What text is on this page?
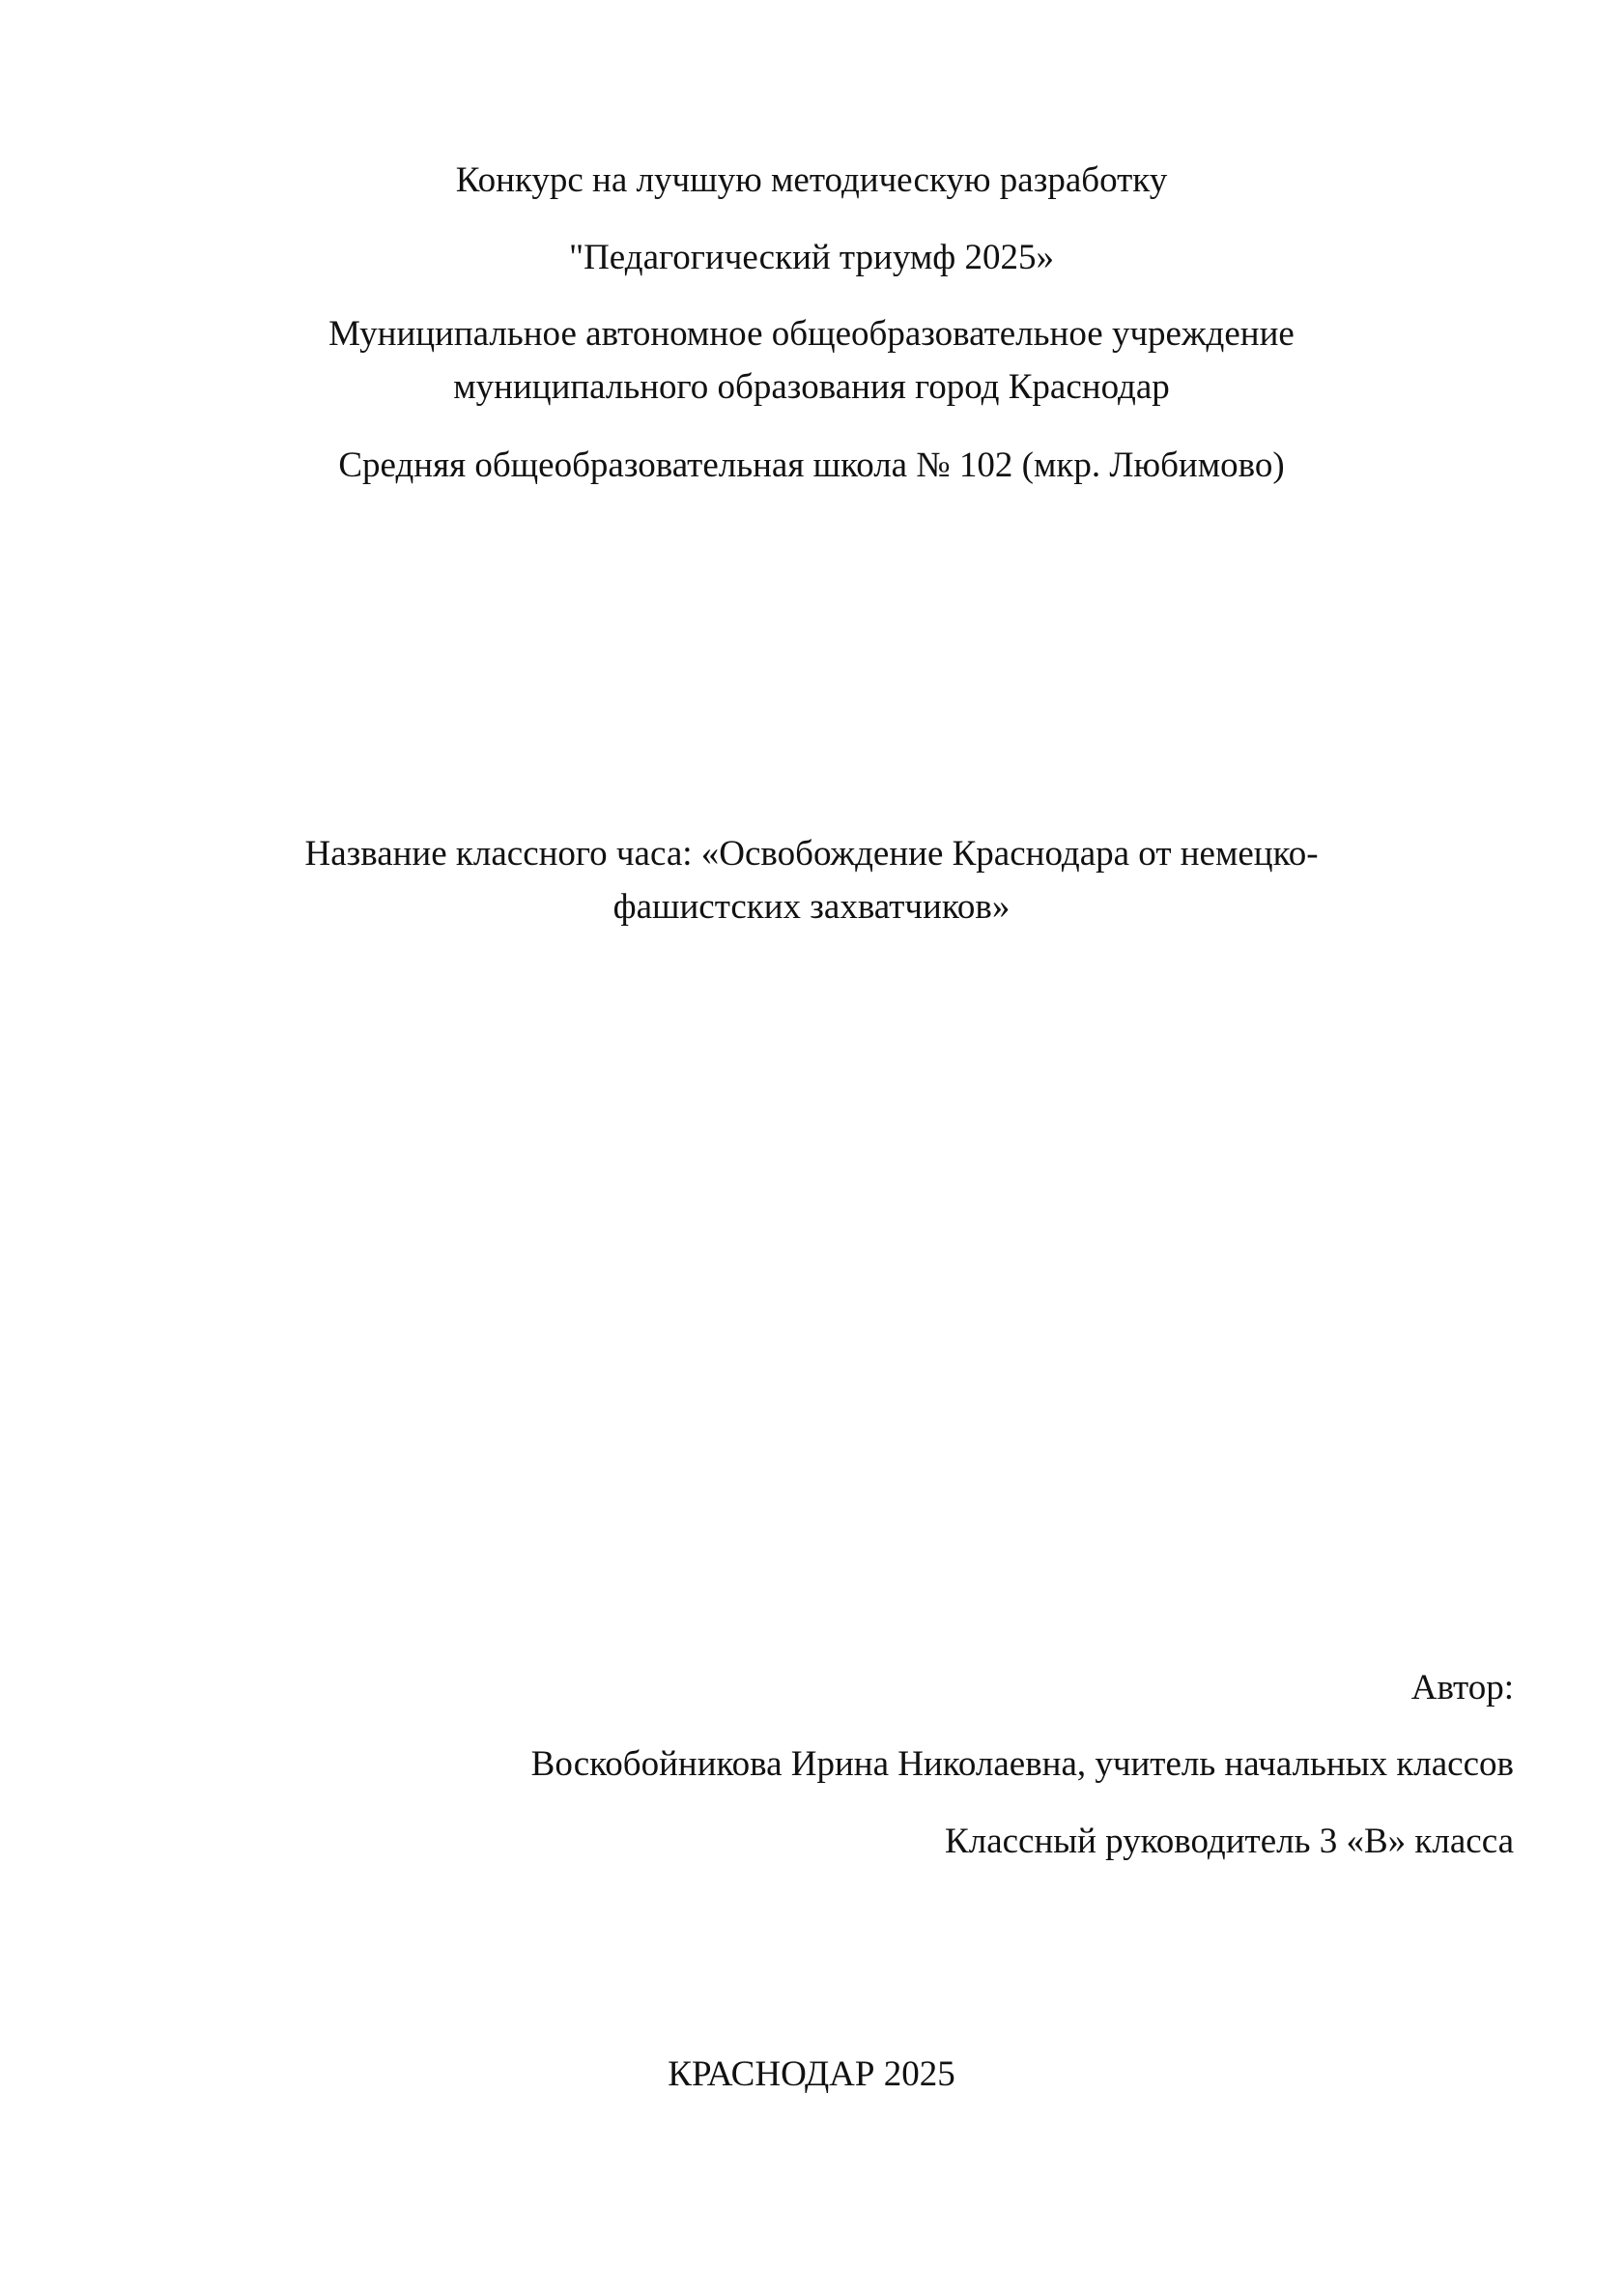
Конкурс на лучшую методическую разработку
"Педагогический триумф 2025»
Муниципальное автономное общеобразовательное учреждение
муниципального образования город Краснодар
Средняя общеобразовательная школа № 102 (мкр. Любимово)
Название классного часа: «Освобождение Краснодара от немецко-
фашистских захватчиков»
Автор:
Воскобойникова Ирина Николаевна, учитель начальных классов
Классный руководитель 3 «В» класса
КРАСНОДАР 2025
